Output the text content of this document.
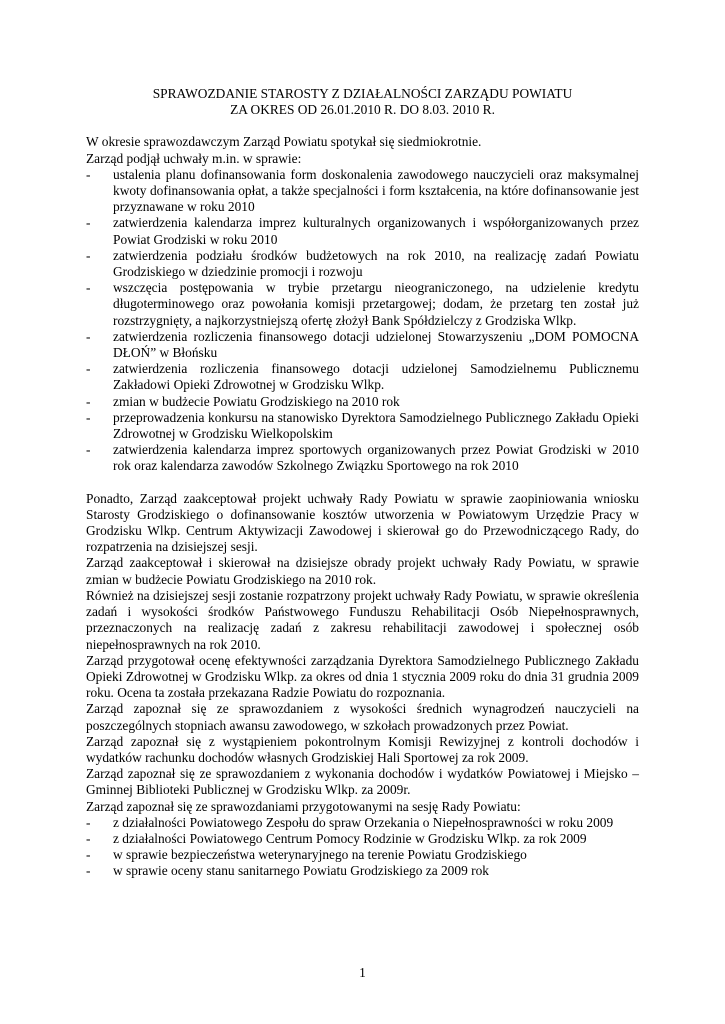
SPRAWOZDANIE STAROSTY Z DZIAŁALNOŚCI ZARZĄDU POWIATU

ZA OKRES OD 26.01.2010 R. DO 8.03. 2010 R.

W okresie sprawozdawczym Zarząd Powiatu spotykał się siedmiokrotnie.

Zarząd podjął uchwały m.in. w sprawie:

- ustalenia planu dofinansowania form doskonalenia zawodowego nauczycieli oraz maksymalnej kwoty dofinansowania opłat, a także specjalności i form kształcenia, na które dofinansowanie jest przyznawane w roku 2010
- zatwierdzenia kalendarza imprez kulturalnych organizowanych i współorganizowanych przez Powiat Grodziski w roku 2010
- zatwierdzenia podziału środków budżetowych na rok 2010, na realizację zadań Powiatu Grodziskiego w dziedzinie promocji i rozwoju
- wszczęcia postępowania w trybie przetargu nieograniczonego, na udzielenie kredytu długoterminowego oraz powołania komisji przetargowej; dodam, że przetarg ten został już rozstrzygnięty, a najkorzystniejszą ofertę złożył Bank Spółdzielczy z Grodziska Wlkp.
- zatwierdzenia rozliczenia finansowego dotacji udzielonej Stowarzyszeniu „DOM POMOCNA DŁOŃ” w Błońsku
- zatwierdzenia rozliczenia finansowego dotacji udzielonej Samodzielnemu Publicznemu Zakładowi Opieki Zdrowotnej w Grodzisku Wlkp.
- zmian w budżecie Powiatu Grodziskiego na 2010 rok
- przeprowadzenia konkursu na stanowisko Dyrektora Samodzielnego Publicznego Zakładu Opieki Zdrowotnej w Grodzisku Wielkopolskim
- zatwierdzenia kalendarza imprez sportowych organizowanych przez Powiat Grodziski w 2010 rok oraz kalendarza zawodów Szkolnego Związku Sportowego na rok 2010

Ponadto, Zarząd zaakceptował projekt uchwały Rady Powiatu w sprawie zaopiniowania wniosku Starosty Grodziskiego o dofinansowanie kosztów utworzenia w Powiatowym Urzędzie Pracy w Grodzisku Wlkp. Centrum Aktywizacji Zawodowej i skierował go do Przewodniczącego Rady, do rozpatrzenia na dzisiejszej sesji.

Zarząd zaakceptował i skierował na dzisiejsze obrady projekt uchwały Rady Powiatu, w sprawie zmian w budżecie Powiatu Grodziskiego na 2010 rok.

Również na dzisiejszej sesji zostanie rozpatrzony projekt uchwały Rady Powiatu, w sprawie określenia zadań i wysokości środków Państwowego Funduszu Rehabilitacji Osób Niepełnosprawnych, przeznaczonych na realizację zadań z zakresu rehabilitacji zawodowej i społecznej osób niepełnosprawnych na rok 2010.

Zarząd przygotował ocenę efektywności zarządzania Dyrektora Samodzielnego Publicznego Zakładu Opieki Zdrowotnej w Grodzisku Wlkp. za okres od dnia 1 stycznia 2009 roku do dnia 31 grudnia 2009 roku. Ocena ta została przekazana Radzie Powiatu do rozpoznania.

Zarząd zapoznał się ze sprawozdaniem z wysokości średnich wynagrodzeń nauczycieli na poszczególnych stopniach awansu zawodowego, w szkołach prowadzonych przez Powiat.

Zarząd zapoznał się z wystąpieniem pokontrolnym Komisji Rewizyjnej z kontroli dochodów i wydatków rachunku dochodów własnych Grodziskiej Hali Sportowej za rok 2009.

Zarząd zapoznał się ze sprawozdaniem z wykonania dochodów i wydatków Powiatowej i Miejsko – Gminnej Biblioteki Publicznej w Grodzisku Wlkp. za 2009r.

Zarząd zapoznał się ze sprawozdaniami przygotowanymi na sesję Rady Powiatu:

- z działalności Powiatowego Zespołu do spraw Orzekania o Niepełnosprawności w roku 2009
- z działalności Powiatowego Centrum Pomocy Rodzinie w Grodzisku Wlkp. za rok 2009
- w sprawie bezpieczeństwa weterynaryjnego na terenie Powiatu Grodziskiego
- w sprawie oceny stanu sanitarnego Powiatu Grodziskiego za 2009 rok
1
